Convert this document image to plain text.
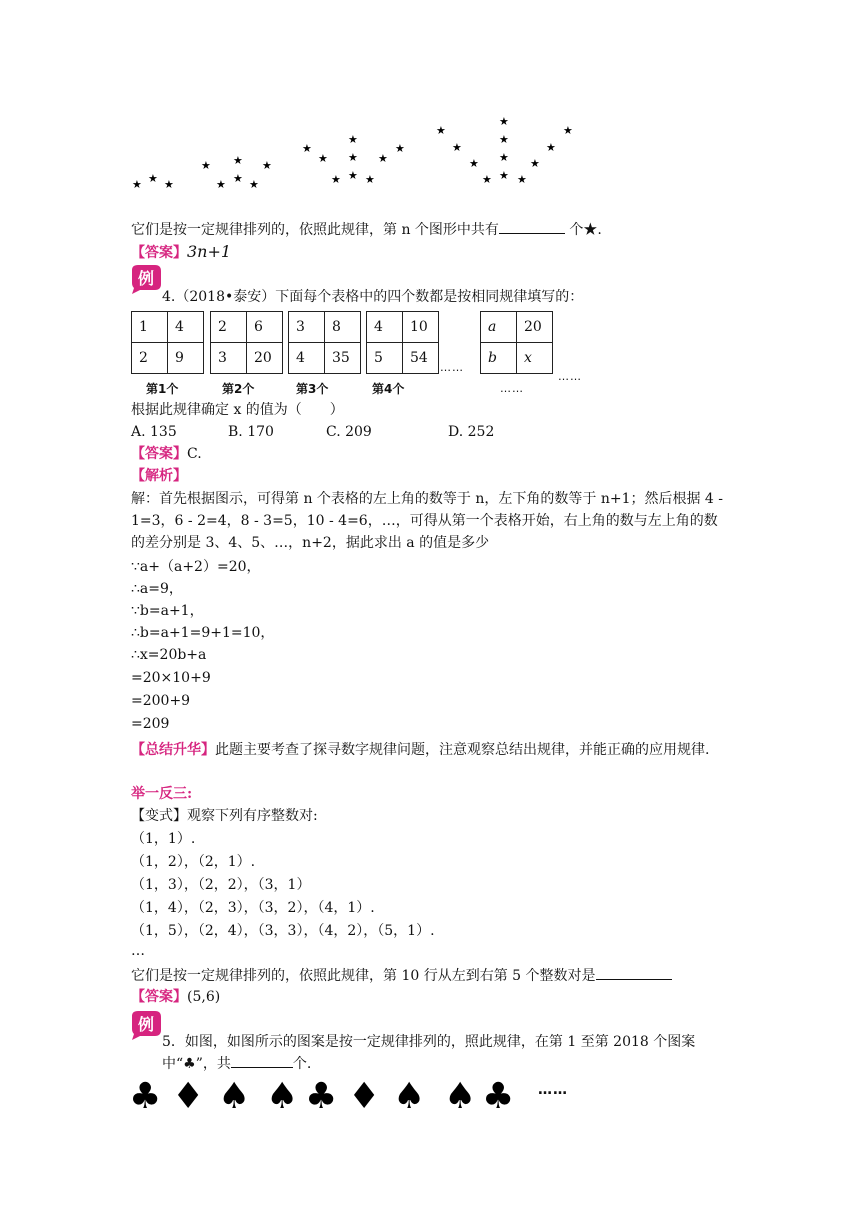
★ ★ ★
★ ★ ★
★ ★ ★
★
★
★
★
★
★
★
★ ★
★
★
★
★
★
★
★
★
★
★
★ ★
它们是按一定规律排列的，依照此规律，第 n 个图形中共有	个★.
【答案】3n+1
例
4.（2018•泰安）下面每个表格中的四个数都是按相同规律填写的：
1	4
2	9
2	6
3	20
3	8
4	35
4	10
5	54
a	20
b	x
第1个	第2个	第3个	第4个
……
……
……
根据此规律确定 x 的值为（　　）
A. 135	B. 170	C. 209	D. 252
【答案】C.
【解析】
解：首先根据图示，可得第 n 个表格的左上角的数等于 n，左下角的数等于 n+1；然后根据 4 - 1=3，6 - 2=4，8 - 3=5，10 - 4=6，…，可得从第一个表格开始，右上角的数与左上角的数的差分别是 3、4、5、…，n+2，据此求出 a 的值是多少
∵a+（a+2）=20，
∴a=9，
∵b=a+1，
∴b=a+1=9+1=10，
∴x=20b+a
=20×10+9
=200+9
=209
【总结升华】此题主要考查了探寻数字规律问题，注意观察总结出规律，并能正确的应用规律.
举一反三:
【变式】观察下列有序整数对:
（1，1）.
（1，2），（2，1）.
（1，3），（2，2），（3，1）
（1，4），（2，3），（3，2），（4，1）.
（1，5），（2，4），（3，3），（4，2），（5，1）.
…
它们是按一定规律排列的，依照此规律，第 10 行从左到右第 5 个整数对是
【答案】(5,6)
例
5．如图，如图所示的图案是按一定规律排列的，照此规律，在第 1 至第 2018 个图案中“♣”，共	个.
♣ ♦ ♠ ♠ ♣ ♦ ♠ ♠ ♣ ……
